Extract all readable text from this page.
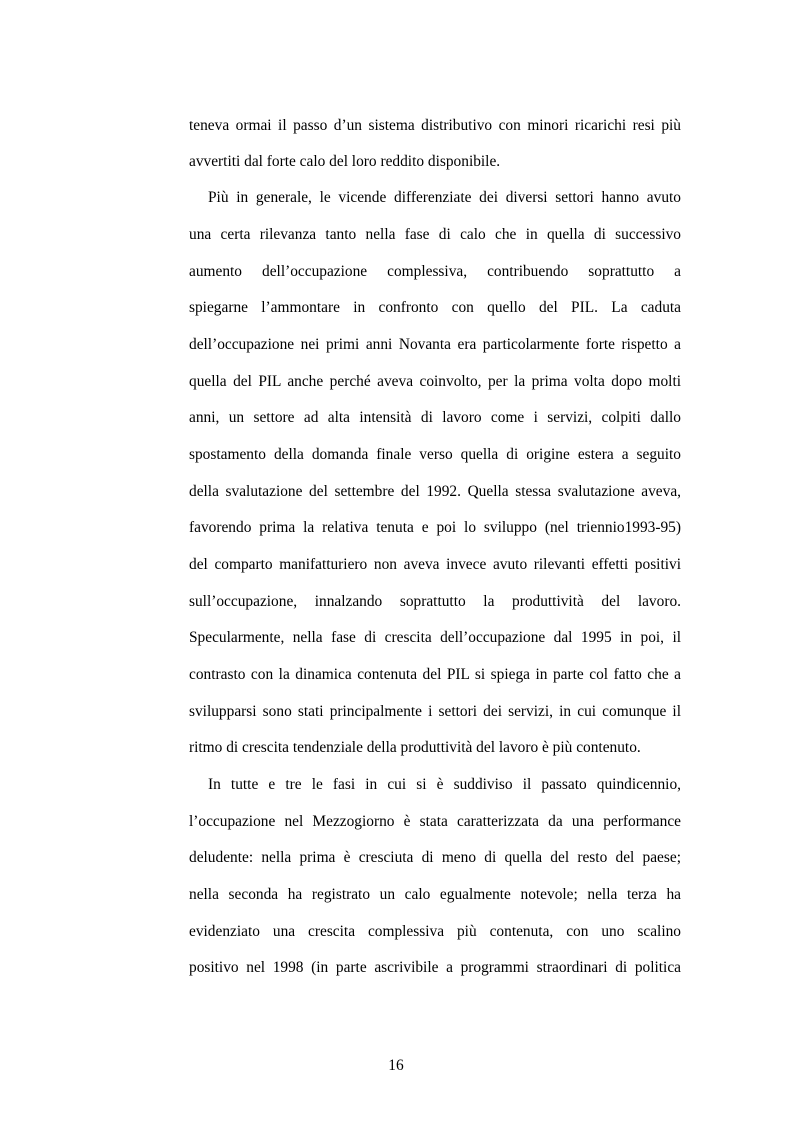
teneva ormai il passo d’un sistema distributivo con minori ricarichi resi più
avvertiti dal forte calo del loro reddito disponibile.
Più in generale, le vicende differenziate dei diversi settori hanno avuto
una certa rilevanza tanto nella fase di calo che in quella di successivo
aumento dell’occupazione complessiva, contribuendo soprattutto a
spiegarne l’ammontare in confronto con quello del PIL. La caduta
dell’occupazione nei primi anni Novanta era particolarmente forte rispetto a
quella del PIL anche perché aveva coinvolto, per la prima volta dopo molti
anni, un settore ad alta intensità di lavoro come i servizi, colpiti dallo
spostamento della domanda finale verso quella di origine estera a seguito
della svalutazione del settembre del 1992. Quella stessa svalutazione aveva,
favorendo prima la relativa tenuta e poi lo sviluppo (nel triennio1993-95)
del comparto manifatturiero non aveva invece avuto rilevanti effetti positivi
sull’occupazione, innalzando soprattutto la produttività del lavoro.
Specularmente, nella fase di crescita dell’occupazione dal 1995 in poi, il
contrasto con la dinamica contenuta del PIL si spiega in parte col fatto che a
svilupparsi sono stati principalmente i settori dei servizi, in cui comunque il
ritmo di crescita tendenziale della produttività del lavoro è più contenuto.
In tutte e tre le fasi in cui si è suddiviso il passato quindicennio,
l’occupazione nel Mezzogiorno è stata caratterizzata da una performance
deludente: nella prima è cresciuta di meno di quella del resto del paese;
nella seconda ha registrato un calo egualmente notevole; nella terza ha
evidenziato una crescita complessiva più contenuta, con uno scalino
positivo nel 1998 (in parte ascrivibile a programmi straordinari di politica
16
